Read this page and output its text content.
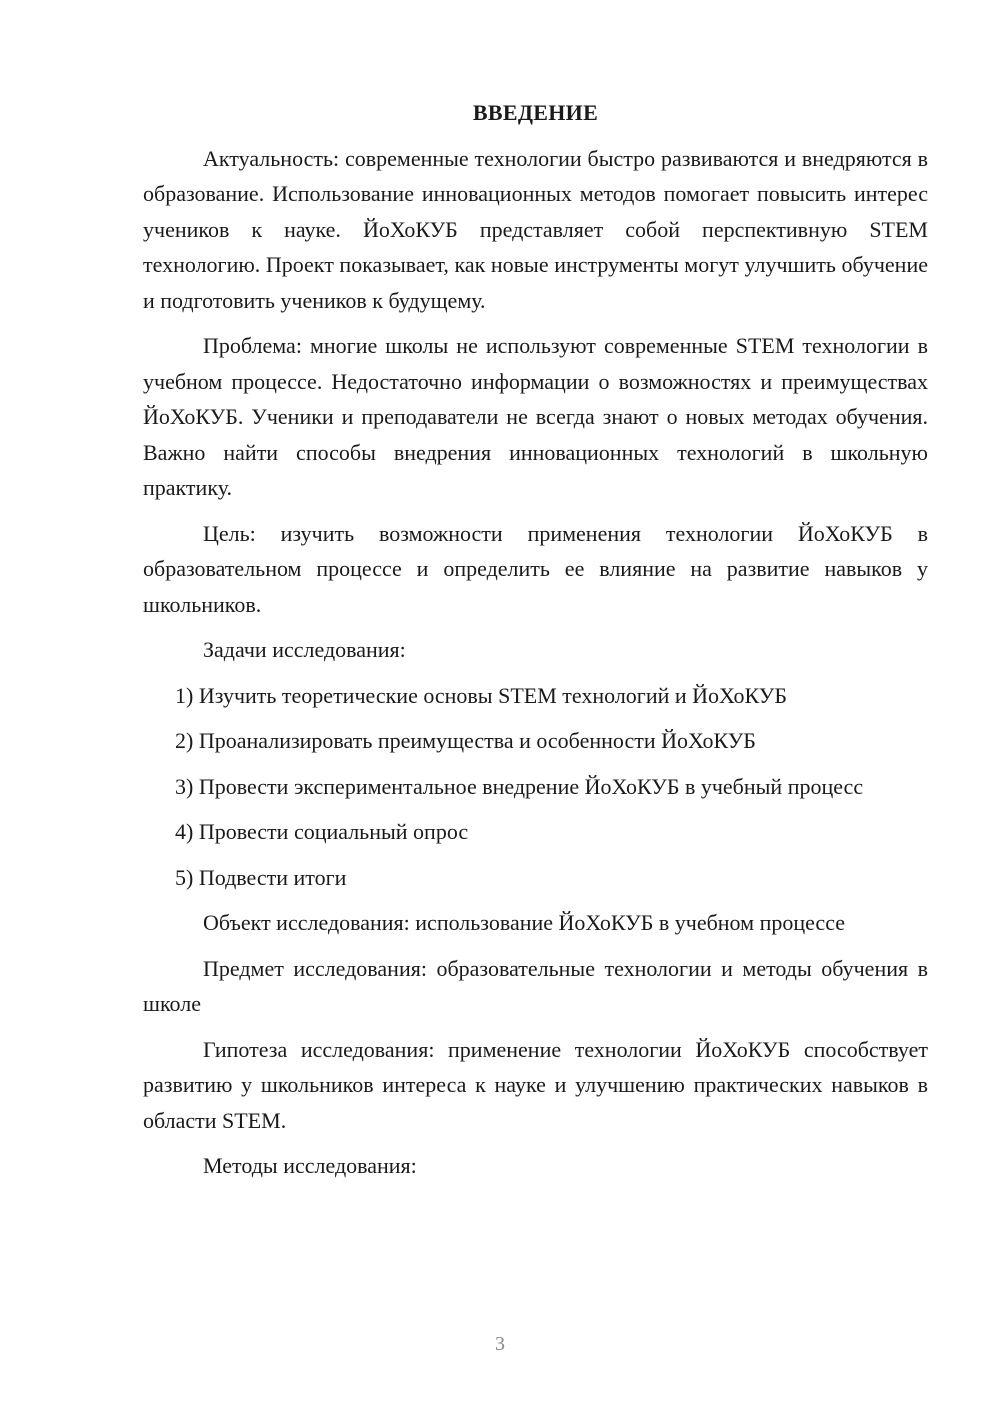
ВВЕДЕНИЕ

Актуальность: современные технологии быстро развиваются и внедряются в образование. Использование инновационных методов помогает повысить интерес учеников к науке. ЙоХоКУБ представляет собой перспективную STEM технологию. Проект показывает, как новые инструменты могут улучшить обучение и подготовить учеников к будущему.

Проблема: многие школы не используют современные STEM технологии в учебном процессе. Недостаточно информации о возможностях и преимуществах ЙоХоКУБ. Ученики и преподаватели не всегда знают о новых методах обучения. Важно найти способы внедрения инновационных технологий в школьную практику.

Цель: изучить возможности применения технологии ЙоХоКУБ в образовательном процессе и определить ее влияние на развитие навыков у школьников.

Задачи исследования:

1) Изучить теоретические основы STEM технологий и ЙоХоКУБ

2) Проанализировать преимущества и особенности ЙоХоКУБ

3) Провести экспериментальное внедрение ЙоХоКУБ в учебный процесс

4) Провести социальный опрос

5) Подвести итоги

Объект исследования: использование ЙоХоКУБ в учебном процессе

Предмет исследования: образовательные технологии и методы обучения в школе

Гипотеза исследования: применение технологии ЙоХоКУБ способствует развитию у школьников интереса к науке и улучшению практических навыков в области STEM.

Методы исследования:

3
